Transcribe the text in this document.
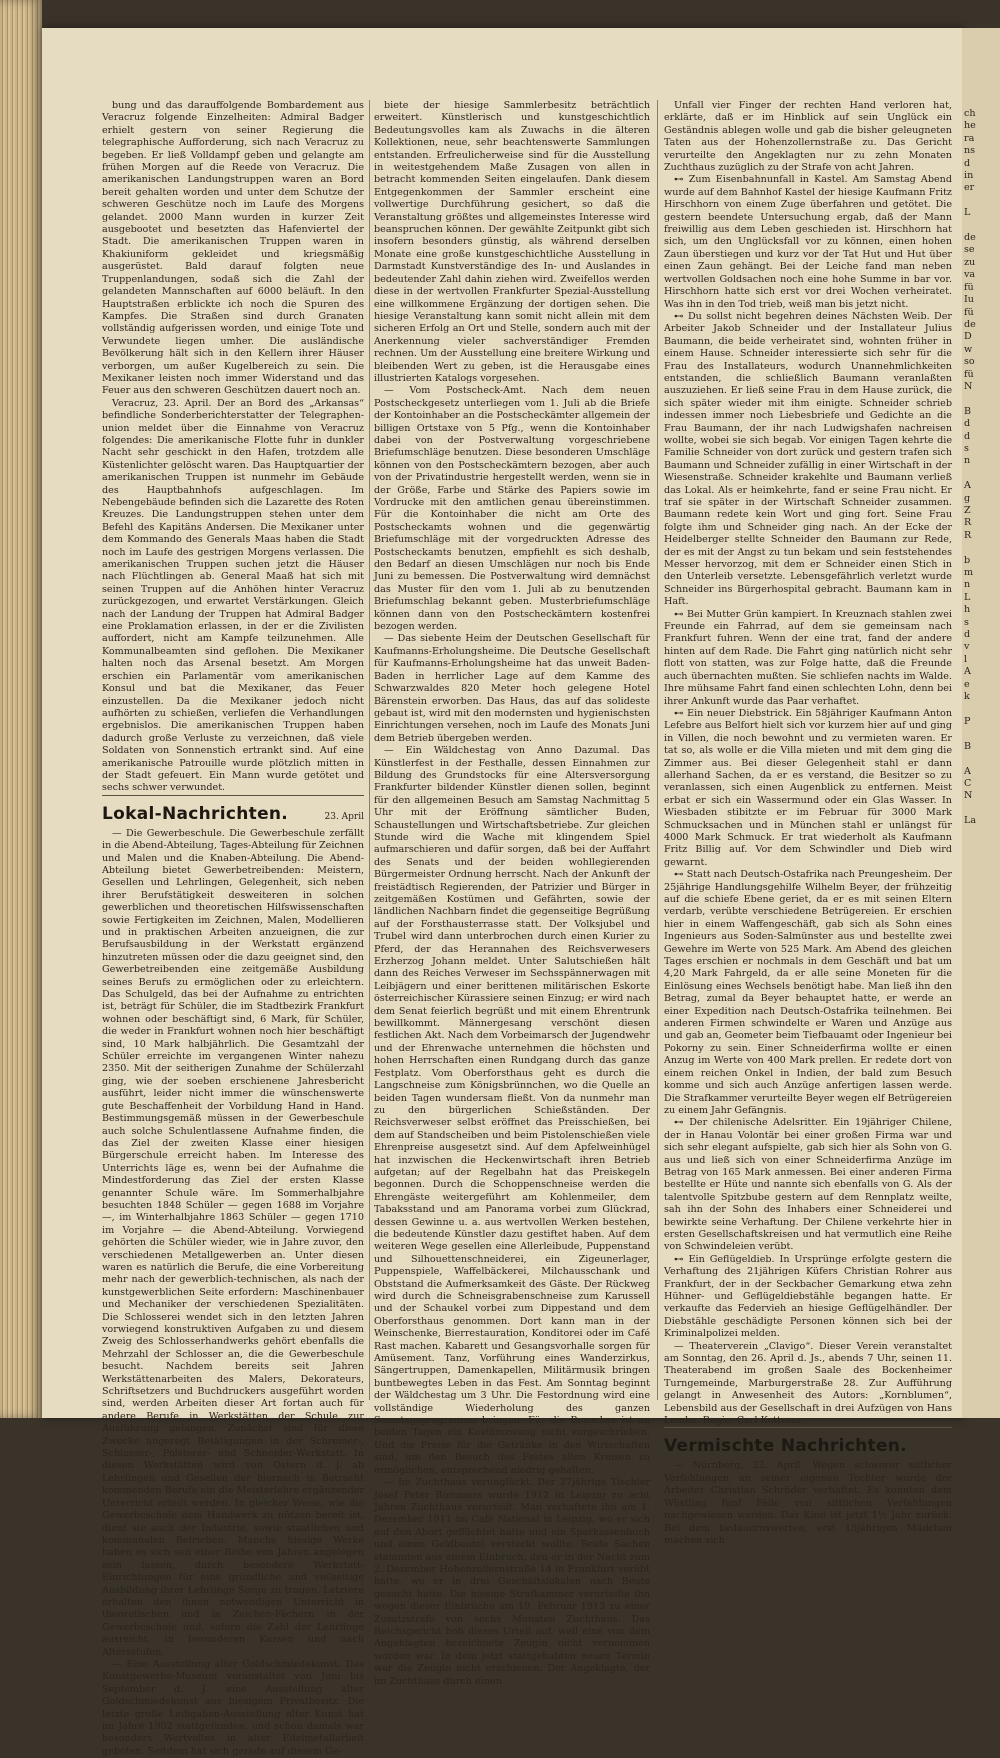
bung und das darauffolgende Bombardement aus Veracruz folgende Einzelheiten: Admiral Badger erhielt gestern von seiner Regierung die telegraphische Aufforderung, sich nach Veracruz zu begeben. Er ließ Volldampf geben und gelangte am frühen Morgen auf die Reede von Veracruz. Die amerikanischen Landungstruppen waren an Bord bereit gehalten worden und unter dem Schutze der schweren Geschütze noch im Laufe des Morgens gelandet. 2000 Mann wurden in kurzer Zeit ausgebootet und besetzten das Hafenviertel der Stadt. Die amerikanischen Truppen waren in Khakiuniform gekleidet und kriegsmäßig ausgerüstet. Bald darauf folgten neue Truppenlandungen, sodaß sich die Zahl der gelandeten Mannschaften auf 6000 beläuft. In den Hauptstraßen erblickte ich noch die Spuren des Kampfes. Die Straßen sind durch Granaten vollständig aufgerissen worden, und einige Tote und Verwundete liegen umher. Die ausländische Bevölkerung hält sich in den Kellern ihrer Häuser verborgen, um außer Kugelbereich zu sein. Die Mexikaner leisten noch immer Widerstand und das Feuer aus den schweren Geschützen dauert noch an.

Veracruz, 23. April. Der an Bord des „Arkansas“ befindliche Sonderberichterstatter der Telegraphen-union meldet über die Einnahme von Veracruz folgendes: Die amerikanische Flotte fuhr in dunkler Nacht sehr geschickt in den Hafen, trotzdem alle Küstenlichter gelöscht waren. Das Hauptquartier der amerikanischen Truppen ist nunmehr im Gebäude des Hauptbahnhofs aufgeschlagen. Im Nebengebäude befinden sich die Lazarette des Roten Kreuzes. Die Landungstruppen stehen unter dem Befehl des Kapitäns Andersen. Die Mexikaner unter dem Kommando des Generals Maas haben die Stadt noch im Laufe des gestrigen Morgens verlassen. Die amerikanischen Truppen suchen jetzt die Häuser nach Flüchtlingen ab. General Maaß hat sich mit seinen Truppen auf die Anhöhen hinter Veracruz zurückgezogen, und erwartet Verstärkungen. Gleich nach der Landung der Truppen hat Admiral Badger eine Proklamation erlassen, in der er die Zivilisten auffordert, nicht am Kampfe teilzunehmen. Alle Kommunalbeamten sind geflohen. Die Mexikaner halten noch das Arsenal besetzt. Am Morgen erschien ein Parlamentär vom amerikanischen Konsul und bat die Mexikaner, das Feuer einzustellen. Da die Mexikaner jedoch nicht aufhörten zu schießen, verliefen die Verhandlungen ergebnislos. Die amerikanischen Truppen haben dadurch große Verluste zu verzeichnen, daß viele Soldaten von Sonnenstich ertrankt sind. Auf eine amerikanische Patrouille wurde plötzlich mitten in der Stadt gefeuert. Ein Mann wurde getötet und sechs schwer verwundet.

Lokal-Nachrichten.	23. April

— Die Gewerbeschule. Die Gewerbeschule zerfällt in die Abend-Abteilung, Tages-Abteilung für Zeichnen und Malen und die Knaben-Abteilung. Die Abend-Abteilung bietet Gewerbetreibenden: Meistern, Gesellen und Lehrlingen, Gelegenheit, sich neben ihrer Berufstätigkeit desweiteren in solchen gewerblichen und theoretischen Hilfswissenschaften sowie Fertigkeiten im Zeichnen, Malen, Modellieren und in praktischen Arbeiten anzueignen, die zur Berufsausbildung in der Werkstatt ergänzend hinzutreten müssen oder die dazu geeignet sind, den Gewerbetreibenden eine zeitgemäße Ausbildung seines Berufs zu ermöglichen oder zu erleichtern. Das Schulgeld, das bei der Aufnahme zu entrichten ist, beträgt für Schüler, die im Stadtbezirk Frankfurt wohnen oder beschäftigt sind, 6 Mark, für Schüler, die weder in Frankfurt wohnen noch hier beschäftigt sind, 10 Mark halbjährlich. Die Gesamtzahl der Schüler erreichte im vergangenen Winter nahezu 2350. Mit der seitherigen Zunahme der Schülerzahl ging, wie der soeben erschienene Jahresbericht ausführt, leider nicht immer die wünschenswerte gute Beschaffenheit der Vorbildung Hand in Hand. Bestimmungsgemäß müssen in der Gewerbeschule auch solche Schulentlassene Aufnahme finden, die das Ziel der zweiten Klasse einer hiesigen Bürgerschule erreicht haben. Im Interesse des Unterrichts läge es, wenn bei der Aufnahme die Mindestforderung das Ziel der ersten Klasse genannter Schule wäre. Im Sommerhalbjahre besuchten 1848 Schüler — gegen 1688 im Vorjahre —, im Winterhalbjahre 1863 Schüler — gegen 1710 im Vorjahre — die Abend-Abteilung. Vorwiegend gehörten die Schüler wieder, wie in Jahre zuvor, den verschiedenen Metallgewerben an. Unter diesen waren es natürlich die Berufe, die eine Vorbereitung mehr nach der gewerblich-technischen, als nach der kunstgewerblichen Seite erfordern: Maschinenbauer und Mechaniker der verschiedenen Spezialitäten. Die Schlosserei wendet sich in den letzten Jahren vorwiegend konstruktiven Aufgaben zu und diesem Zweig des Schlosserhandwerks gehört ebenfalls die Mehrzahl der Schlosser an, die die Gewerbeschule besucht. Nachdem bereits seit Jahren Werkstättenarbeiten des Malers, Dekorateurs, Schriftsetzers und Buchdruckers ausgeführt worden sind, werden Arbeiten dieser Art fortan auch für andere Berufe in Werkstätten der Schule zur Ausführung gelangen. Zunächst sind für diese Zwecke angeregt Betätigungen in der Schreiner-, Schlosser-, Polsterer- und Schneider-Werkstatt. In diesen Werkstätten wird von Ostern d. J. ab Lehrlingen und Gesellen der hiernach in Betracht kommenden Berufe ein die Meisterlehre ergänzender Unterricht erteilt werden. In gleicher Weise, wie die Gewerbeschule dem Handwerk zu nützen bereit ist, dient sie auch der Industrie, sowie staatlichen und kommunalen Betrieben. Manche hiesige Werke haben es sich seit einer Reihe von Jahren angelegen sein lassen, durch besondere Werkstatt-Einrichtungen für eine gründliche und vielseitige Ausbildung ihrer Lehrlinge Sorge zu tragen. Letztere erhalten den ihnen notwendigen Unterricht in theoretischen und in Zeichen-Fächern in der Gewerbeschule und, sofern die Zahl der Lehrlinge ausreicht, in besonderen Kursen und nach Altersstufen.

— Eine Ausstellung alter Goldschmiedekunst. Das Kunstgewerbe-Museum veranstaltet von Juni bis September d. J. eine Ausstellung alter Goldschmiedekunst aus hiesigem Privatbesitz. Die letzte große Leihgaben-Ausstellung alter Kunst hat im Jahre 1902 stattgefunden, und schon damals war besonders Wertvolles in alter Edelmetallarbeit geboten. Seitdem hat sich gerade auf diesem Ge-

biete der hiesige Sammlerbesitz beträchtlich erweitert. Künstlerisch und kunstgeschichtlich Bedeutungsvolles kam als Zuwachs in die älteren Kollektionen, neue, sehr beachtenswerte Sammlungen entstanden. Erfreulicherweise sind für die Ausstellung in weitestgehendem Maße Zusagen von allen in betracht kommenden Seiten eingelaufen. Dank diesem Entgegenkommen der Sammler erscheint eine vollwertige Durchführung gesichert, so daß die Veranstaltung größtes und allgemeinstes Interesse wird beanspruchen können. Der gewählte Zeitpunkt gibt sich insofern besonders günstig, als während derselben Monate eine große kunstgeschichtliche Ausstellung in Darmstadt Kunstverständige des In- und Auslandes in bedeutender Zahl dahin ziehen wird. Zweifellos werden diese in der wertvollen Frankfurter Spezial-Ausstellung eine willkommene Ergänzung der dortigen sehen. Die hiesige Veranstaltung kann somit nicht allein mit dem sicheren Erfolg an Ort und Stelle, sondern auch mit der Anerkennung vieler sachverständiger Fremden rechnen. Um der Ausstellung eine breitere Wirkung und bleibenden Wert zu geben, ist die Herausgabe eines illustrierten Katalogs vorgesehen.

— Vom Postscheck-Amt. Nach dem neuen Postscheckgesetz unterliegen vom 1. Juli ab die Briefe der Kontoinhaber an die Postscheckämter allgemein der billigen Ortstaxe von 5 Pfg., wenn die Kontoinhaber dabei von der Postverwaltung vorgeschriebene Briefumschläge benutzen. Diese besonderen Umschläge können von den Postscheckämtern bezogen, aber auch von der Privatindustrie hergestellt werden, wenn sie in der Größe, Farbe und Stärke des Papiers sowie im Vordrucke mit den amtlichen genau übereinstimmen. Für die Kontoinhaber die nicht am Orte des Postscheckamts wohnen und die gegenwärtig Briefumschläge mit der vorgedruckten Adresse des Postscheckamts benutzen, empfiehlt es sich deshalb, den Bedarf an diesen Umschlägen nur noch bis Ende Juni zu bemessen. Die Postverwaltung wird demnächst das Muster für den vom 1. Juli ab zu benutzenden Briefumschlag bekannt geben. Musterbriefumschläge können dann von den Postscheckämtern kostenfrei bezogen werden.

— Das siebente Heim der Deutschen Gesellschaft für Kaufmanns-Erholungsheime. Die Deutsche Gesellschaft für Kaufmanns-Erholungsheime hat das unweit Baden-Baden in herrlicher Lage auf dem Kamme des Schwarzwaldes 820 Meter hoch gelegene Hotel Bärenstein erworben. Das Haus, das auf das solideste gebaut ist, wird mit den modernsten und hygienischsten Einrichtungen versehen, noch im Laufe des Monats Juni dem Betrieb übergeben werden.

— Ein Wäldchestag von Anno Dazumal. Das Künstlerfest in der Festhalle, dessen Einnahmen zur Bildung des Grundstocks für eine Altersversorgung Frankfurter bildender Künstler dienen sollen, beginnt für den allgemeinen Besuch am Samstag Nachmittag 5 Uhr mit der Eröffnung sämtlicher Buden, Schaustellungen und Wirtschaftsbetriebe. Zur gleichen Stunde wird die Wache mit klingendem Spiel aufmarschieren und dafür sorgen, daß bei der Auffahrt des Senats und der beiden wohllegierenden Bürgermeister Ordnung herrscht. Nach der Ankunft der freistädtisch Regierenden, der Patrizier und Bürger in zeitgemäßen Kostümen und Gefährten, sowie der ländlichen Nachbarn findet die gegenseitige Begrüßung auf der Forsthausterrasse statt. Der Volksjubel und Trubel wird dann unterbrochen durch einen Kurier zu Pferd, der das Herannahen des Reichsverwesers Erzherzog Johann meldet. Unter Salutschießen hält dann des Reiches Verweser im Sechsspännerwagen mit Leibjägern und einer berittenen militärischen Eskorte österreichischer Kürassiere seinen Einzug; er wird nach dem Senat feierlich begrüßt und mit einem Ehrentrunk bewillkommt. Männergesang verschönt diesen festlichen Akt. Nach dem Vorbeimarsch der Jugendwehr und der Ehrenwache unternehmen die höchsten und hohen Herrschaften einen Rundgang durch das ganze Festplatz. Vom Oberforsthaus geht es durch die Langschneise zum Königsbrünnchen, wo die Quelle an beiden Tagen wundersam fließt. Von da nunmehr man zu den bürgerlichen Schießständen. Der Reichsverweser selbst eröffnet das Preisschießen, bei dem auf Standscheiben und beim Pistolenschießen viele Ehrenpreise ausgesetzt sind. Auf dem Apfelweinhügel hat inzwischen die Heckenwirtschaft ihren Betrieb aufgetan; auf der Regelbahn hat das Preiskegeln begonnen. Durch die Schoppenschneise werden die Ehrengäste weitergeführt am Kohlenmeiler, dem Tabaksstand und am Panorama vorbei zum Glückrad, dessen Gewinne u. a. aus wertvollen Werken bestehen, die bedeutende Künstler dazu gestiftet haben. Auf dem weiteren Wege gesellen eine Allerleibude, Puppenstand und Silhouettenschneiderei, ein Zigeunerlager, Puppenspiele, Waffelbäckerei, Milchausschank und Obststand die Aufmerksamkeit des Gäste. Der Rückweg wird durch die Schneisgrabenschneise zum Karussell und der Schaukel vorbei zum Dippestand und dem Oberforsthaus genommen. Dort kann man in der Weinschenke, Bierrestauration, Konditorei oder im Café Rast machen. Kabarett und Gesangsvorhalle sorgen für Amüsement. Tanz, Vorführung eines Wanderzirkus, Sängertruppen, Damenkapellen, Militärmusik bringen buntbewegtes Leben in das Fest. Am Sonntag beginnt der Wäldchestag um 3 Uhr. Die Festordnung wird eine vollständige Wiederholung des ganzen Samstagsprogramms bringen. Für die Besucher ist an beiden Tagen ein Kostümzwang nicht vorgeschrieben. Und die Preise für die Getränke in den Wirtschaften sind, um den Besuch des Festes allen Kreisen zu ermöglichen, entsprechend niedrig gehalten.

— Im Zuchthaus verunglückt. Der 27jährige Tischler Josef Peter Rommers wurde 1912 in Leipzig zu acht Jahren Zuchthaus verurteilt. Man verhaftete ihn am 1. Dezember 1911 im Café National in Leipzig, wo er sich auf den Abort geflüchtet hatte und ein Sparkassenbuch und einen Geldbeutel versteckt wollte. Beide Sachen stammten aus einem Einbruch, den er in der Nacht zum 2. Dezember Hohenzollernstraße 14 in Frankfurt verübt hatte, wo er in drei Geschäftslokalen nach Beute gesucht hatte. Die hiesige Strafkammer verurteilte ihn wegen dieser Einbrüche am 19. Februar 1913 zu einer Zusatzstrafe von sechs Monaten Zuchthaus. Das Reichsgericht hob dieses Urteil auf, weil eine von dem Angeklagten bezeichnete Zeugin nicht vernommen worden war. In dem jetzt stattgehabten neuen Termin war die Zeugin nicht erschienen. Der Angeklagte, der im Zuchthaus durch einen

Unfall vier Finger der rechten Hand verloren hat, erklärte, daß er im Hinblick auf sein Unglück ein Geständnis ablegen wolle und gab die bisher geleugneten Taten aus der Hohenzollernstraße zu. Das Gericht verurteilte den Angeklagten nur zu zehn Monaten Zuchthaus zuzüglich zu der Strafe von acht Jahren.

⊷ Zum Eisenbahnunfall in Kastel. Am Samstag Abend wurde auf dem Bahnhof Kastel der hiesige Kaufmann Fritz Hirschhorn von einem Zuge überfahren und getötet. Die gestern beendete Untersuchung ergab, daß der Mann freiwillig aus dem Leben geschieden ist. Hirschhorn hat sich, um den Unglücksfall vor zu können, einen hohen Zaun überstiegen und kurz vor der Tat Hut und Hut über einen Zaun gehängt. Bei der Leiche fand man neben wertvollen Goldsachen noch eine hohe Summe in bar vor. Hirschhorn hatte sich erst vor drei Wochen verheiratet. Was ihn in den Tod trieb, weiß man bis jetzt nicht.

⊷ Du sollst nicht begehren deines Nächsten Weib. Der Arbeiter Jakob Schneider und der Installateur Julius Baumann, die beide verheiratet sind, wohnten früher in einem Hause. Schneider interessierte sich sehr für die Frau des Installateurs, wodurch Unannehmlichkeiten entstanden, die schließlich Baumann veranlaßten auszuziehen. Er ließ seine Frau in dem Hause zurück, die sich später wieder mit ihm einigte. Schneider schrieb indessen immer noch Liebesbriefe und Gedichte an die Frau Baumann, der ihr nach Ludwigshafen nachreisen wollte, wobei sie sich begab. Vor einigen Tagen kehrte die Familie Schneider von dort zurück und gestern trafen sich Baumann und Schneider zufällig in einer Wirtschaft in der Wiesenstraße. Schneider krakehlte und Baumann verließ das Lokal. Als er heimkehrte, fand er seine Frau nicht. Er traf sie später in der Wirtschaft Schneider zusammen. Baumann redete kein Wort und ging fort. Seine Frau folgte ihm und Schneider ging nach. An der Ecke der Heidelberger stellte Schneider den Baumann zur Rede, der es mit der Angst zu tun bekam und sein feststehendes Messer hervorzog, mit dem er Schneider einen Stich in den Unterleib versetzte. Lebensgefährlich verletzt wurde Schneider ins Bürgerhospital gebracht. Baumann kam in Haft.

⊷ Bei Mutter Grün kampiert. In Kreuznach stahlen zwei Freunde ein Fahrrad, auf dem sie gemeinsam nach Frankfurt fuhren. Wenn der eine trat, fand der andere hinten auf dem Rade. Die Fahrt ging natürlich nicht sehr flott von statten, was zur Folge hatte, daß die Freunde auch übernachten mußten. Sie schliefen nachts im Walde. Ihre mühsame Fahrt fand einen schlechten Lohn, denn bei ihrer Ankunft wurde das Paar verhaftet.

⊷ Ein neuer Diebstrick. Ein 58jähriger Kaufmann Anton Lefebre aus Belfort hielt sich vor kurzem hier auf und ging in Villen, die noch bewohnt und zu vermieten waren. Er tat so, als wolle er die Villa mieten und mit dem ging die Zimmer aus. Bei dieser Gelegenheit stahl er dann allerhand Sachen, da er es verstand, die Besitzer so zu veranlassen, sich einen Augenblick zu entfernen. Meist erbat er sich ein Wassermund oder ein Glas Wasser. In Wiesbaden stibitzte er im Februar für 3000 Mark Schmucksachen und in München stahl er unlängst für 4000 Mark Schmuck. Er trat wiederholt als Kaufmann Fritz Billig auf. Vor dem Schwindler und Dieb wird gewarnt.

⊷ Statt nach Deutsch-Ostafrika nach Preungesheim. Der 25jährige Handlungsgehilfe Wilhelm Beyer, der frühzeitig auf die schiefe Ebene geriet, da er es mit seinen Eltern verdarb, verübte verschiedene Betrügereien. Er erschien hier in einem Waffengeschäft, gab sich als Sohn eines Ingenieurs aus Soden-Salmünster aus und bestellte zwei Gewehre im Werte von 525 Mark. Am Abend des gleichen Tages erschien er nochmals in dem Geschäft und bat um 4,20 Mark Fahrgeld, da er alle seine Moneten für die Einlösung eines Wechsels benötigt habe. Man ließ ihn den Betrag, zumal da Beyer behauptet hatte, er werde an einer Expedition nach Deutsch-Ostafrika teilnehmen. Bei anderen Firmen schwindelte er Waren und Anzüge aus und gab an, Geometer beim Tiefbauamt oder Ingenieur bei Pokorny zu sein. Einer Schneiderfirma wollte er einen Anzug im Werte von 400 Mark prellen. Er redete dort von einem reichen Onkel in Indien, der bald zum Besuch komme und sich auch Anzüge anfertigen lassen werde. Die Strafkammer verurteilte Beyer wegen elf Betrügereien zu einem Jahr Gefängnis.

⊷ Der chilenische Adelsritter. Ein 19jähriger Chilene, der in Hanau Volontär bei einer großen Firma war und sich sehr elegant aufspielte, gab sich hier als Sohn von G. aus und ließ sich von einer Schneiderfirma Anzüge im Betrag von 165 Mark anmessen. Bei einer anderen Firma bestellte er Hüte und nannte sich ebenfalls von G. Als der talentvolle Spitzbube gestern auf dem Rennplatz weilte, sah ihn der Sohn des Inhabers einer Schneiderei und bewirkte seine Verhaftung. Der Chilene verkehrte hier in ersten Gesellschaftskreisen und hat vermutlich eine Reihe von Schwindeleien verübt.

⊷ Ein Geflügeldieb. In Ursprünge erfolgte gestern die Verhaftung des 21jährigen Küfers Christian Rohrer aus Frankfurt, der in der Seckbacher Gemarkung etwa zehn Hühner- und Geflügeldiebstähle begangen hatte. Er verkaufte das Federvieh an hiesige Geflügelhändler. Der Diebstähle geschädigte Personen können sich bei der Kriminalpolizei melden.

— Theaterverein „Clavigo“. Dieser Verein veranstaltet am Sonntag, den 26. April d. Js., abends 7 Uhr, seinen 11. Theaterabend im großen Saale des Bockenheimer Turngemeinde, Marburgerstraße 28. Zur Aufführung gelangt in Anwesenheit des Autors: „Kornblumen“, Lebensbild aus der Gesellschaft in drei Aufzügen von Hans Lemke. Regie: Carl Ketterer.

Vermischte Nachrichten.

— Nürnberg, 22. April. Wegen schwerer sittlicher Verfehlungen an seiner eigenen Tochter wurde der Arbeiter Christian Schröder verhaftet. Es konnten dem Wüstling fünf Fälle von sittlichen Verfehlungen nachgewiesen werden. Das Kind ist jetzt 1½ Jahr zurück. Bei dem bedauernswerten, erst 15jährigen Mädchen machen sich

ch
he
ra
ns
d
in
er

L

de
se
zu
va
fü
Iu
fü
de
D
w
so
fü
N

B
d
d
s
n

A
g
Z
R
R

b
m
n
L
h
s
d
v
l
A
e
k

P

B

A
C
N

La
